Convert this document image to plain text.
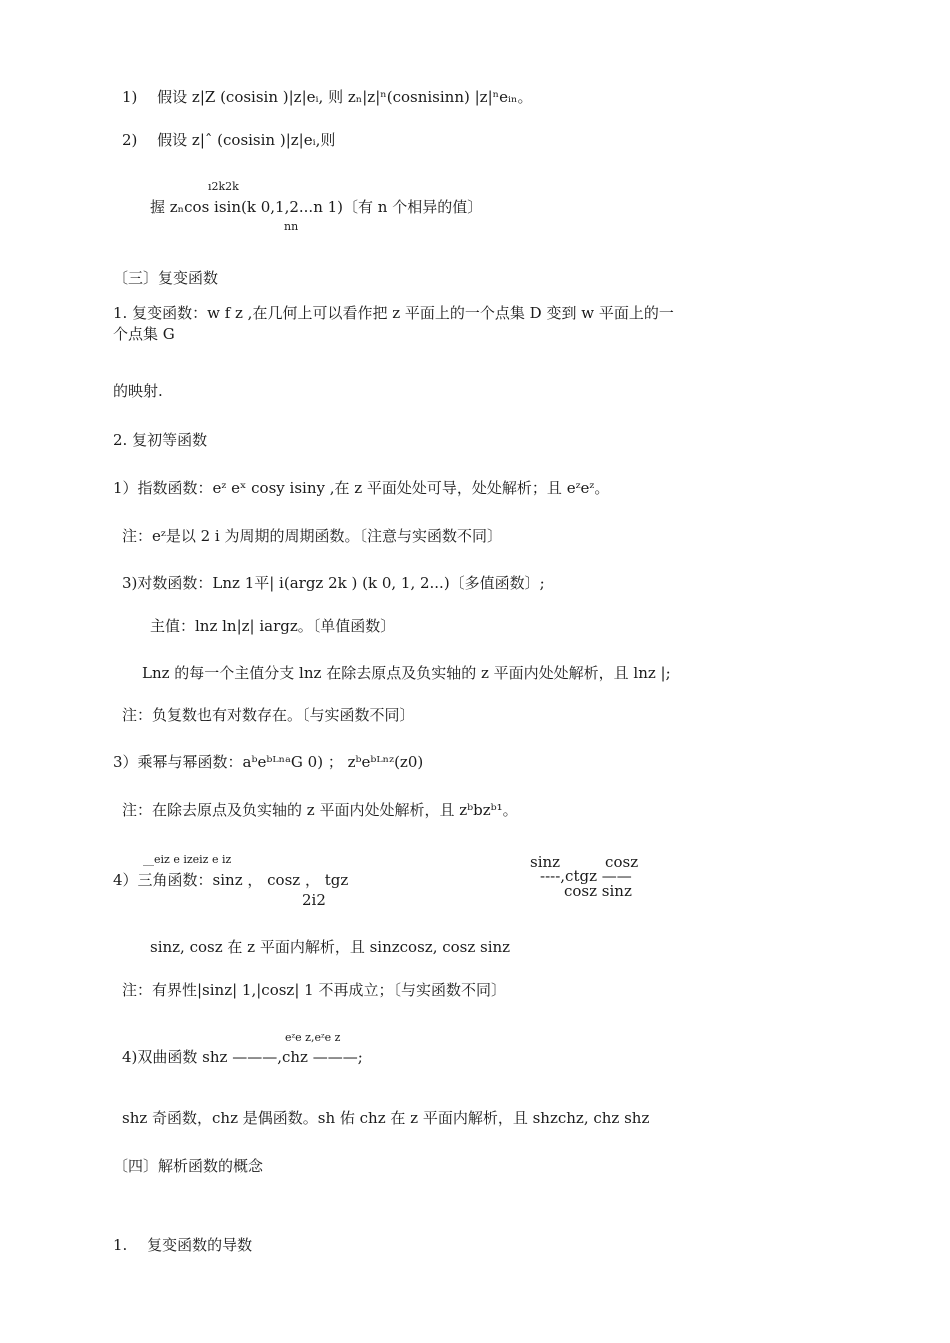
1)　 假设 z|Z (cosisin )|z|eᵢ, 则 zₙ|z|ⁿ(cosnisinn) |z|ⁿeᵢₙ。
2)　 假设 z|ˆ (cosisin )|z|eᵢ,则
ı2k2k
握 zₙcos isin(k 0,1,2...n 1)〔有 n 个相异的值〕
nn
〔三〕复变函数
1. 复变函数：w f z ,在几何上可以看作把 z 平面上的一个点集 D 变到 w 平面上的一
个点集 G
的映射.
2. 复初等函数
1）指数函数：eᶻ eˣ cosy isiny ,在 z 平面处处可导，处处解析；且 eᶻeᶻ。
注：eᶻ是以 2 i 为周期的周期函数。〔注意与实函数不同〕
3)对数函数：Lnz 1平| i(argz 2k ) (k 0, 1, 2...)〔多值函数〕;
主值：lnz ln|z| iargz。〔单值函数〕
Lnz 的每一个主值分支 lnz 在除去原点及负实轴的 z 平面内处处解析，且 lnz |;
注：负复数也有对数存在。〔与实函数不同〕
3）乘幂与幂函数：aᵇeᵇᴸⁿᵃG 0) ； zᵇeᵇᴸⁿᶻ(z0)
注：在除去原点及负实轴的 z 平面内处处解析，且 zᵇbzᵇ¹。
__eiz e izeiz e iz
4）三角函数：sinz ， cosz ， tgz
2i2
sinz　　　cosz
----,ctgz ——
cosz sinz
sinz, cosz 在 z 平面内解析，且 sinzcosz, cosz sinz
注：有界性|sinz| 1,|cosz| 1 不再成立；〔与实函数不同〕
eᶻe z,eᶻe z
4)双曲函数 shz ———,chz ———;
shz 奇函数，chz 是偶函数。sh 佑 chz 在 z 平面内解析，且 shzchz, chz shz
〔四〕解析函数的概念
1.　 复变函数的导数
